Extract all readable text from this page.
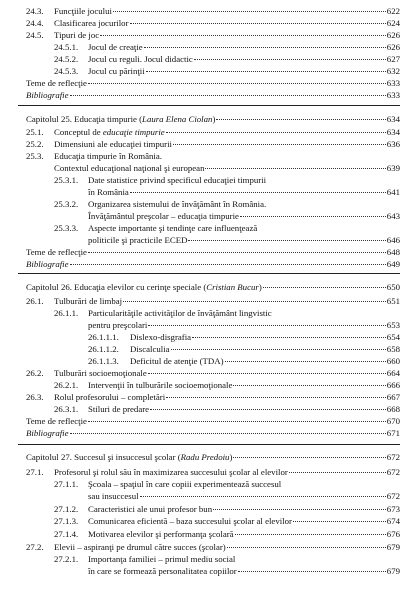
24.3.	Funcţiile jocului	622
24.4.	Clasificarea jocurilor	624
24.5.	Tipuri de joc	626
24.5.1.	Jocul de creaţie	626
24.5.2.	Jocul cu reguli. Jocul didactic	627
24.5.3.	Jocul cu părinţii	632
Teme de reflecţie	633
Bibliografie	633
Capitolul 25. Educaţia timpurie (Laura Elena Ciolan)	634
25.1.	Conceptul de educaţie timpurie	634
25.2.	Dimensiuni ale educaţiei timpurii	636
25.3. Educaţia timpurie în România.
Contextul educaţional naţional şi european	639
25.3.1. Date statistice privind specificul educaţiei timpurii
în România	641
25.3.2. Organizarea sistemului de învăţământ în România.
Învăţământul preşcolar – educaţia timpurie	643
25.3.3. Aspecte importante şi tendinţe care influenţează
politicile şi practicile ECED	646
Teme de reflecţie	648
Bibliografie	649
Capitolul 26. Educaţia elevilor cu cerinţe speciale (Cristian Bucur)	650
26.1.	Tulburări de limbaj	651
26.1.1. Particularităţile activităţilor de învăţământ lingvistic
pentru preşcolari	653
26.1.1.1.	Dislexo-disgrafia	654
26.1.1.2.	Discalculia	658
26.1.1.3.	Deficitul de atenţie (TDA)	660
26.2.	Tulburări socioemoţionale	664
26.2.1.	Intervenţii în tulburările socioemoţionale	666
26.3.	Rolul profesorului – completări	667
26.3.1.	Stiluri de predare	668
Teme de reflecţie	670
Bibliografie	671
Capitolul 27. Succesul şi insuccesul şcolar (Radu Predoiu)	672
27.1.	Profesorul şi rolul său în maximizarea succesului şcolar al elevilor	672
27.1.1. Şcoala – spaţiul în care copiii experimentează succesul
sau insuccesul	672
27.1.2.	Caracteristici ale unui profesor bun	673
27.1.3.	Comunicarea eficientă – baza succesului şcolar al elevilor	674
27.1.4.	Motivarea elevilor şi performanţa şcolară	676
27.2.	Elevii – aspiranţi pe drumul către succes (şcolar)	679
27.2.1. Importanţa familiei – primul mediu social
în care se formează personalitatea copiilor	679
